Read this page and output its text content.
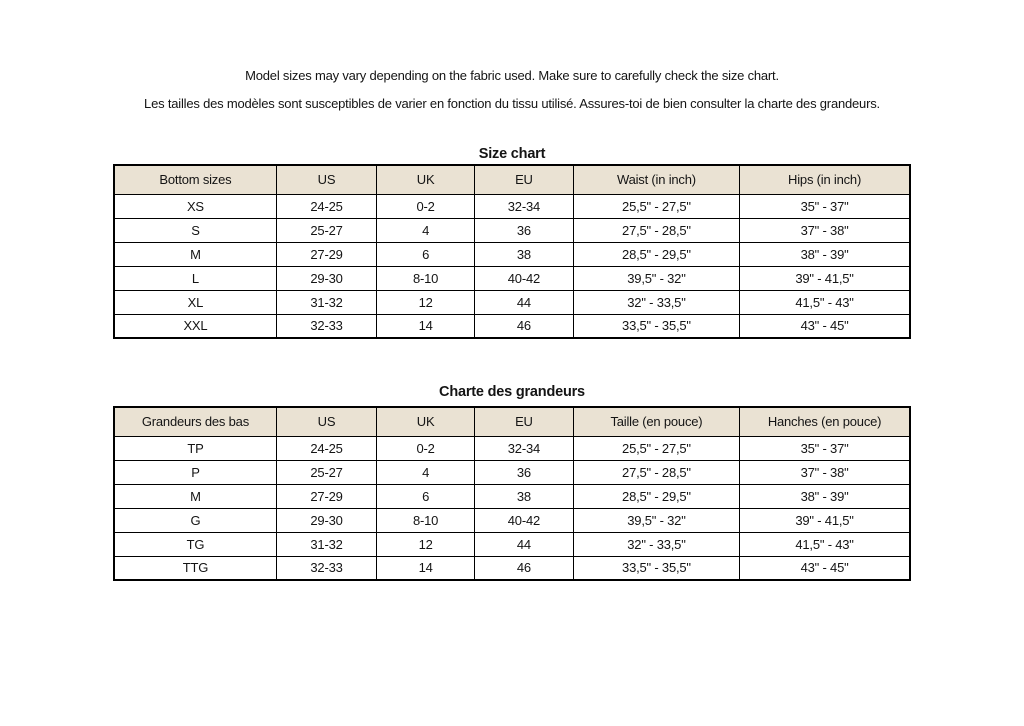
Model sizes may vary depending on the fabric used. Make sure to carefully check the size chart.

Les tailles des modèles sont susceptibles de varier en fonction du tissu utilisé. Assures-toi de bien consulter la charte des grandeurs.

Size chart
Bottom sizes	US	UK	EU	Waist (in inch)	Hips (in inch)
XS	24-25	0-2	32-34	25,5" - 27,5"	35" - 37"
S	25-27	4	36	27,5" - 28,5"	37" - 38"
M	27-29	6	38	28,5" - 29,5"	38" - 39"
L	29-30	8-10	40-42	39,5" - 32"	39" - 41,5"
XL	31-32	12	44	32" - 33,5"	41,5" - 43"
XXL	32-33	14	46	33,5" - 35,5"	43" - 45"
Charte des grandeurs
Grandeurs des bas	US	UK	EU	Taille (en pouce)	Hanches (en pouce)
TP	24-25	0-2	32-34	25,5" - 27,5"	35" - 37"
P	25-27	4	36	27,5" - 28,5"	37" - 38"
M	27-29	6	38	28,5" - 29,5"	38" - 39"
G	29-30	8-10	40-42	39,5" - 32"	39" - 41,5"
TG	31-32	12	44	32" - 33,5"	41,5" - 43"
TTG	32-33	14	46	33,5" - 35,5"	43" - 45"
